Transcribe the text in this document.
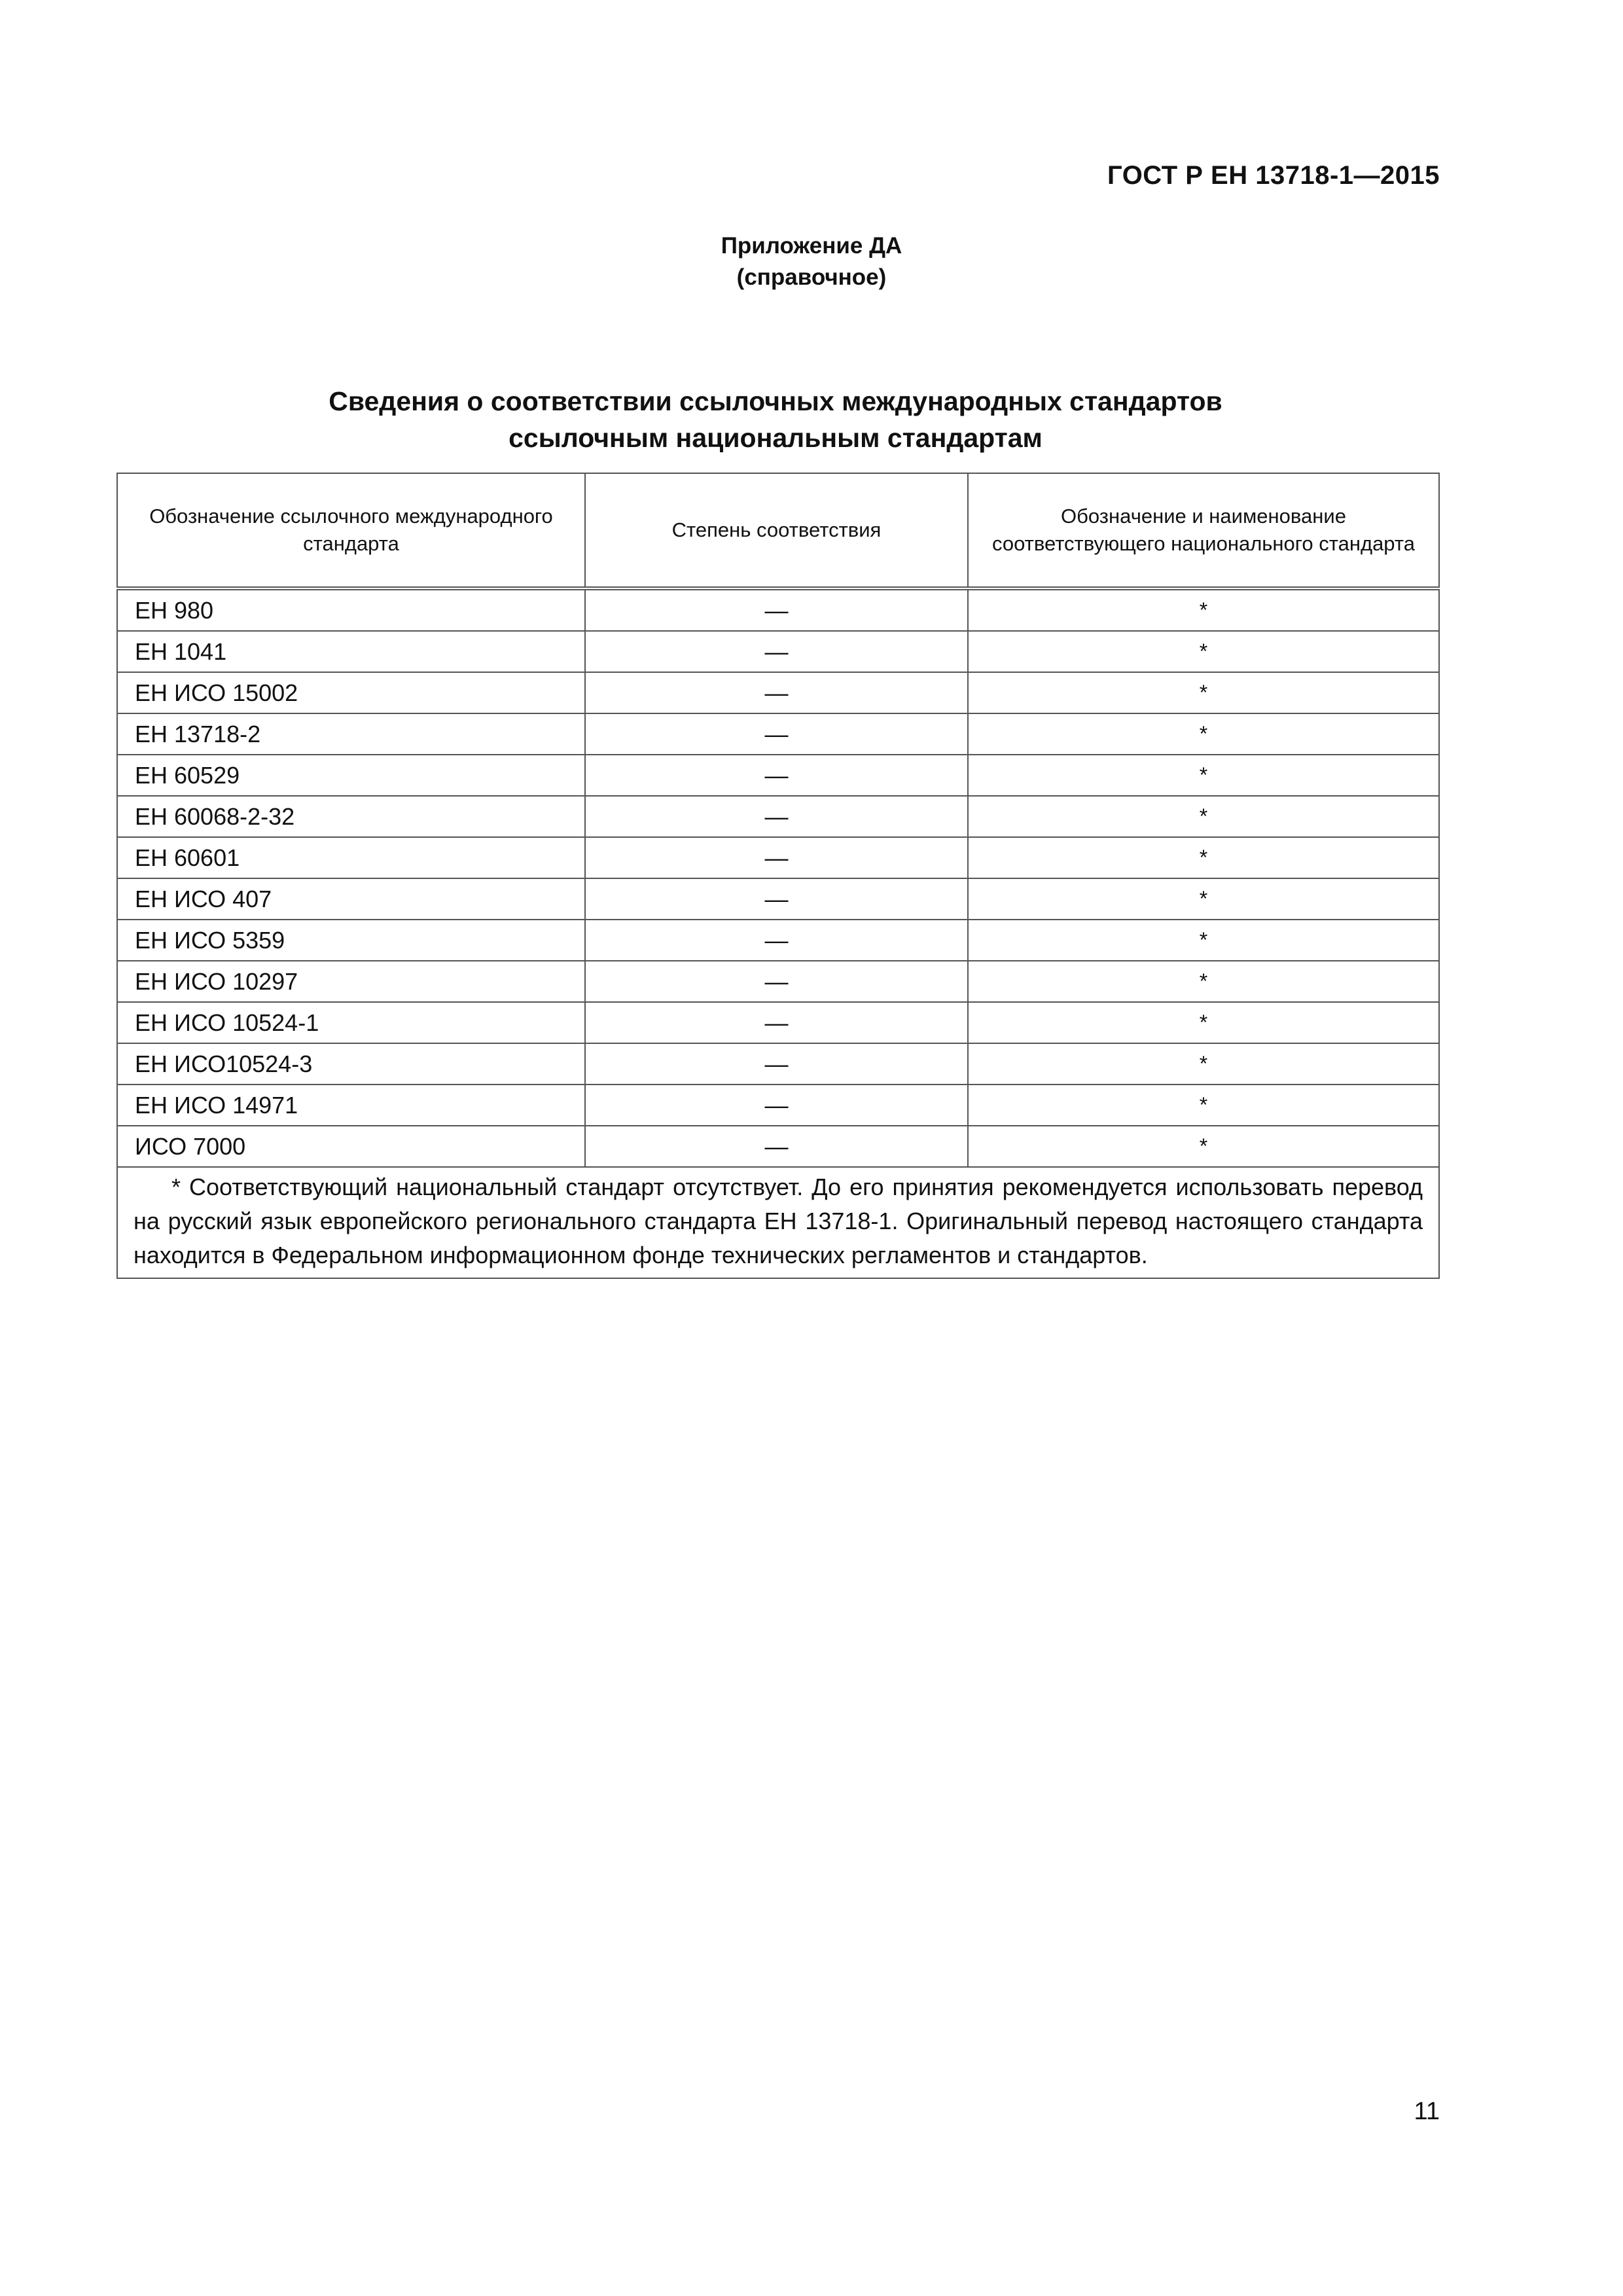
ГОСТ Р ЕН 13718-1—2015
Приложение ДА
(справочное)
Сведения о соответствии ссылочных международных стандартов
ссылочным национальным стандартам
Обозначение ссылочного международного стандарта	Степень соответствия	Обозначение и наименование соответствующего национального стандарта
ЕН 980	—	*
ЕН 1041	—	*
ЕН ИСО 15002	—	*
ЕН 13718-2	—	*
ЕН 60529	—	*
ЕН 60068-2-32	—	*
ЕН 60601	—	*
ЕН ИСО 407	—	*
ЕН ИСО 5359	—	*
ЕН ИСО 10297	—	*
ЕН ИСО 10524-1	—	*
ЕН ИСО10524-3	—	*
ЕН ИСО 14971	—	*
ИСО 7000	—	*
* Соответствующий национальный стандарт отсутствует. До его принятия рекомендуется использовать перевод на русский язык европейского регионального стандарта ЕН 13718-1. Оригинальный перевод настоящего стандарта находится в Федеральном информационном фонде технических регламентов и стандартов.		
11
